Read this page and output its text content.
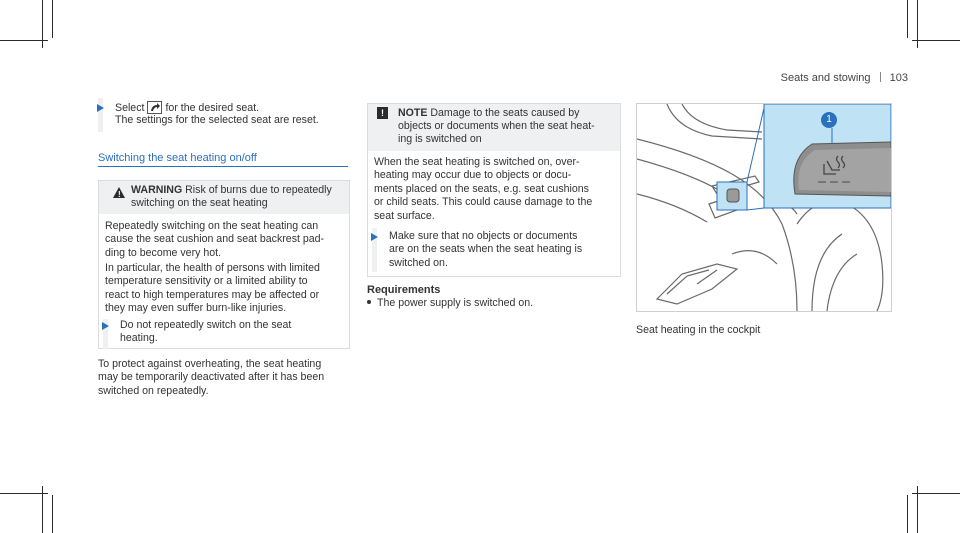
Seats and stowing 103
Select for the desired seat.
The settings for the selected seat are reset.
Switching the seat heating on/off
! WARNING Risk of burns due to repeatedly
switching on the seat heating
Repeatedly switching on the seat heating can
cause the seat cushion and seat backrest pad-
ding to become very hot.
In particular, the health of persons with limited
temperature sensitivity or a limited ability to
react to high temperatures may be affected or
they may even suffer burn-like injuries.
Do not repeatedly switch on the seat
heating.
To protect against overheating, the seat heating
may be temporarily deactivated after it has been
switched on repeatedly.
!	NOTE Damage to the seats caused by
objects or documents when the seat heat-
ing is switched on
When the seat heating is switched on, over-
heating may occur due to objects or docu-
ments placed on the seats, e.g. seat cushions
or child seats. This could cause damage to the
seat surface.
Make sure that no objects or documents
are on the seats when the seat heating is
switched on.
Requirements
The power supply is switched on.
1
Seat heating in the cockpit
